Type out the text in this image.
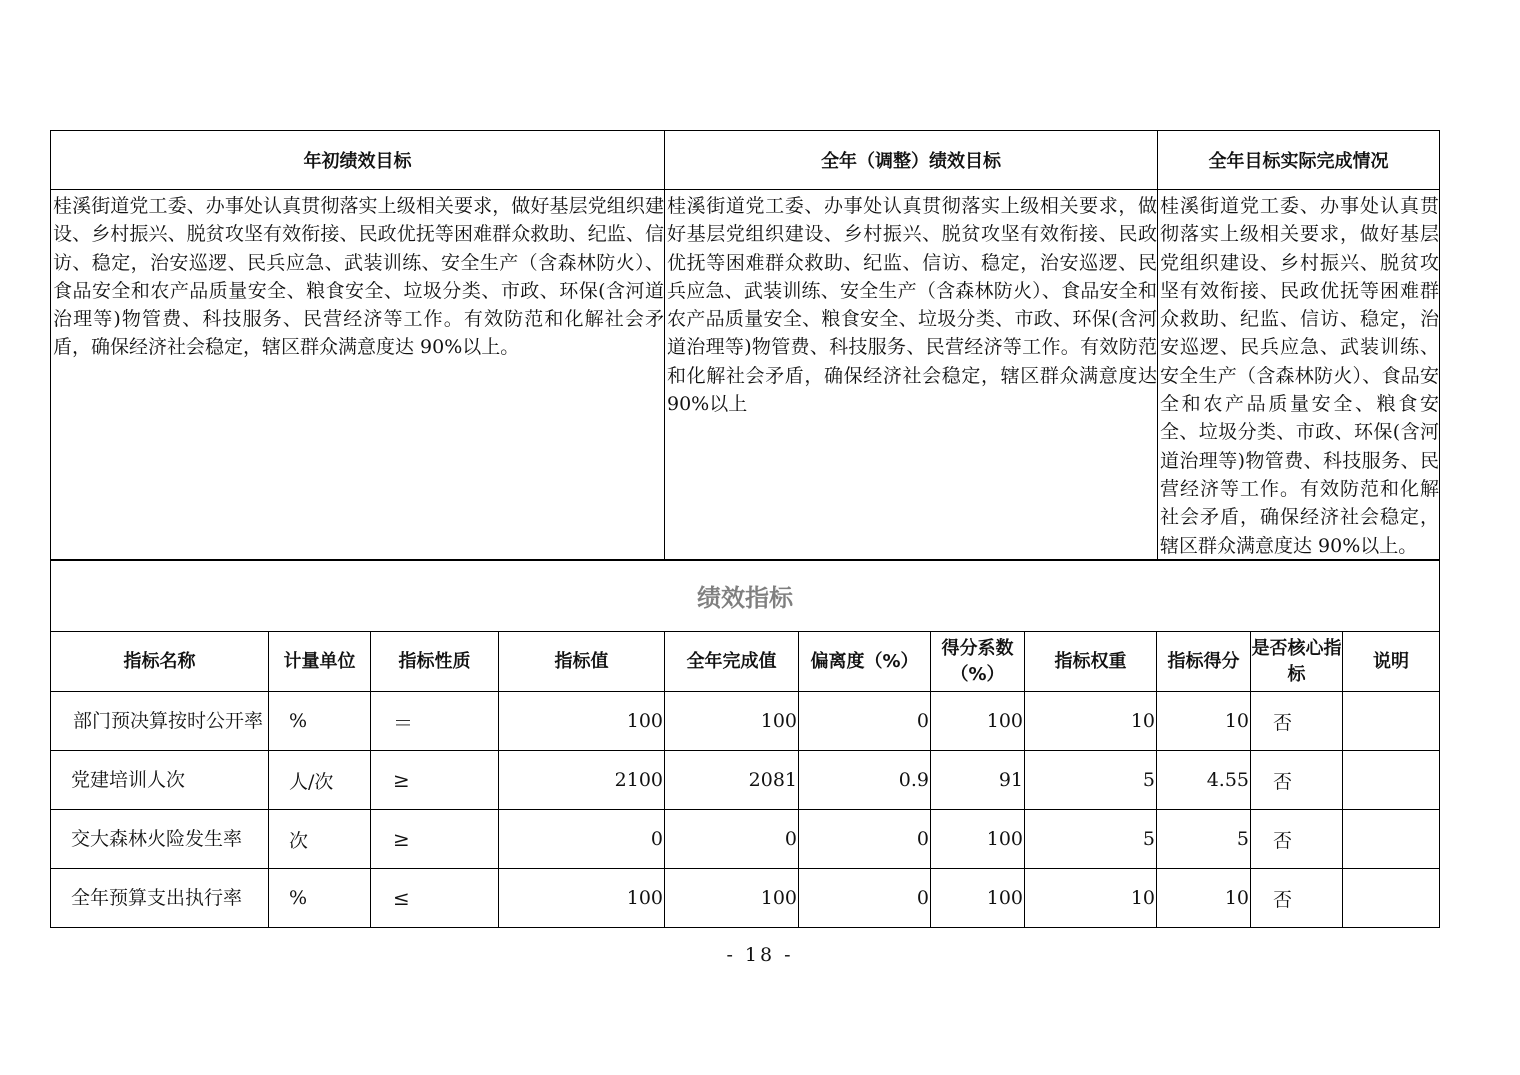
年初绩效目标	全年（调整）绩效目标	全年目标实际完成情况
桂溪街道党工委、办事处认真贯彻落实上级相关要求，做好基层党组织建设、乡村振兴、脱贫攻坚有效衔接、民政优抚等困难群众救助、纪监、信访、稳定，治安巡逻、民兵应急、武装训练、安全生产（含森林防火）、食品安全和农产品质量安全、粮食安全、垃圾分类、市政、环保(含河道治理等)物管费、科技服务、民营经济等工作。有效防范和化解社会矛盾，确保经济社会稳定，辖区群众满意度达 90%以上。	桂溪街道党工委、办事处认真贯彻落实上级相关要求，做好基层党组织建设、乡村振兴、脱贫攻坚有效衔接、民政优抚等困难群众救助、纪监、信访、稳定，治安巡逻、民兵应急、武装训练、安全生产（含森林防火）、食品安全和农产品质量安全、粮食安全、垃圾分类、市政、环保(含河道治理等)物管费、科技服务、民营经济等工作。有效防范和化解社会矛盾，确保经济社会稳定，辖区群众满意度达 90%以上	桂溪街道党工委、办事处认真贯彻落实上级相关要求，做好基层党组织建设、乡村振兴、脱贫攻坚有效衔接、民政优抚等困难群众救助、纪监、信访、稳定，治安巡逻、民兵应急、武装训练、安全生产（含森林防火）、食品安全和农产品质量安全、粮食安全、垃圾分类、市政、环保(含河道治理等)物管费、科技服务、民营经济等工作。有效防范和化解社会矛盾，确保经济社会稳定，辖区群众满意度达 90%以上。
绩效指标										
指标名称	计量单位	指标性质	指标值	全年完成值	偏离度（%）	得分系数（%）	指标权重	指标得分	是否核心指标	说明
部门预决算按时公开率	%	＝	100	100	0	100	10	10	否	
党建培训人次	人/次	≥	2100	2081	0.9	91	5	4.55	否	
交大森林火险发生率	次	≥	0	0	0	100	5	5	否	
全年预算支出执行率	%	≤	100	100	0	100	10	10	否	
- 18 -
